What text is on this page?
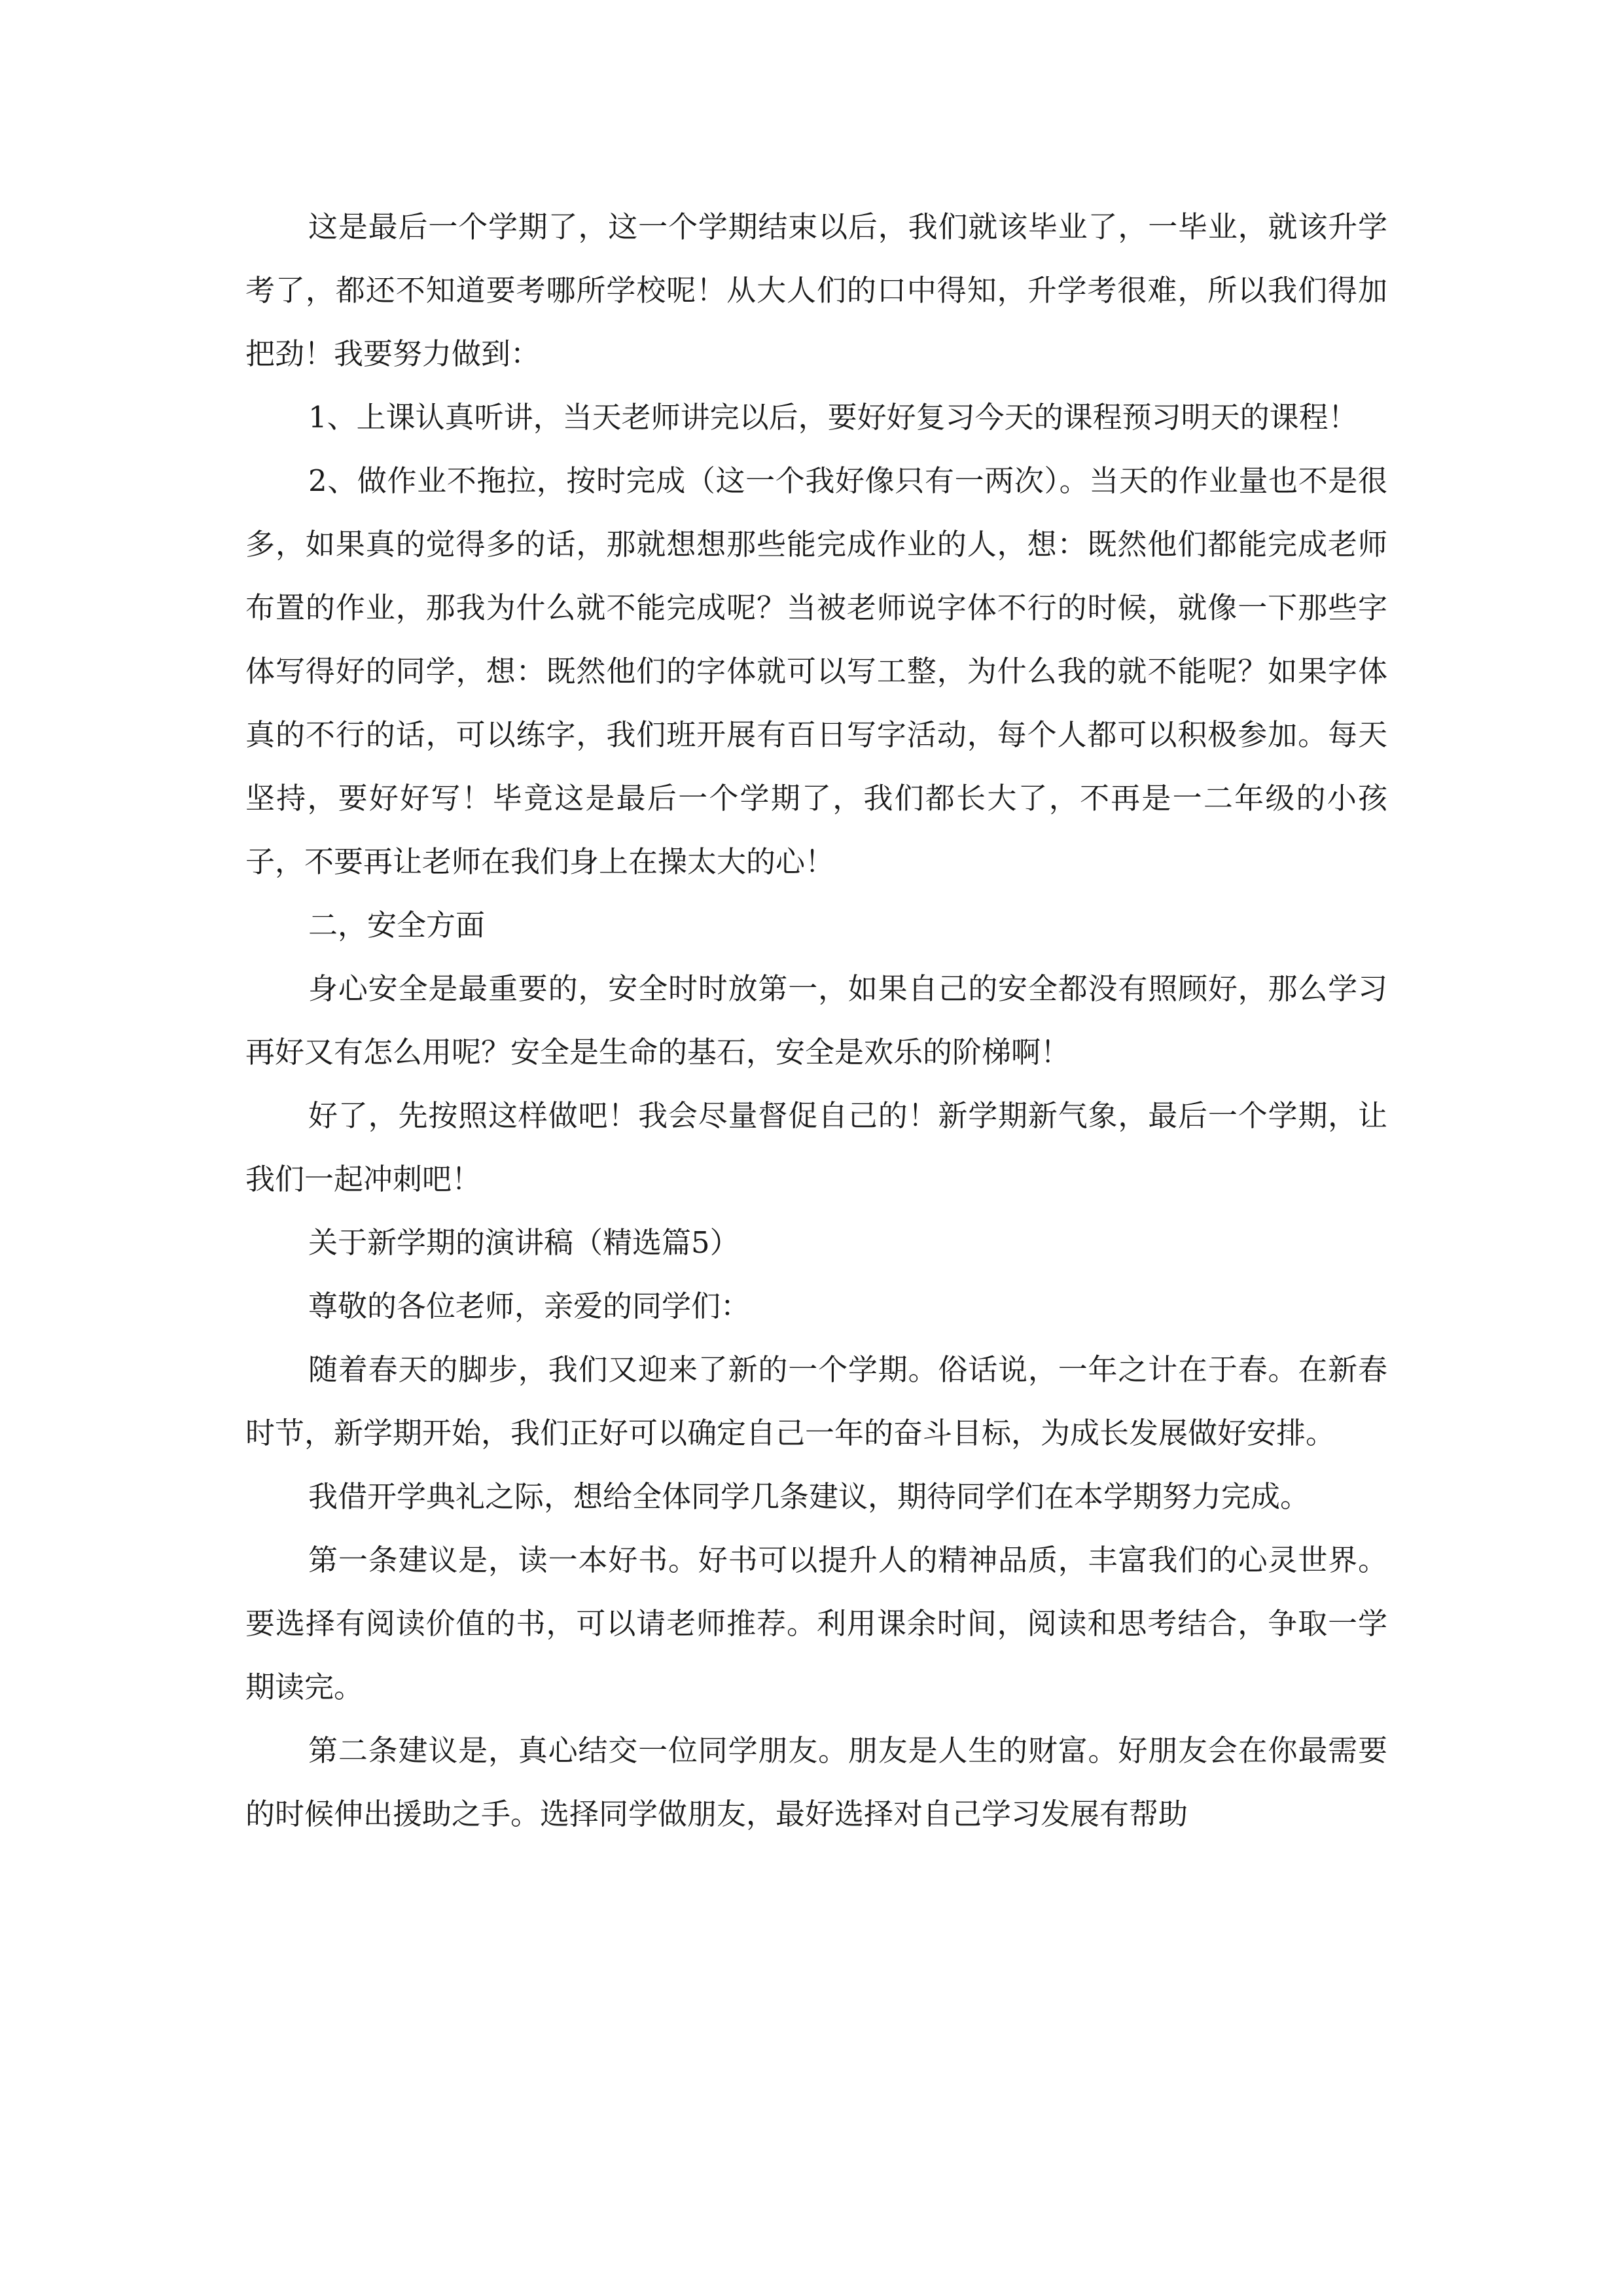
这是最后一个学期了，这一个学期结束以后，我们就该毕业了，一毕业，就该升学考了，都还不知道要考哪所学校呢！从大人们的口中得知，升学考很难，所以我们得加把劲！我要努力做到：

1、上课认真听讲，当天老师讲完以后，要好好复习今天的课程预习明天的课程！

2、做作业不拖拉，按时完成（这一个我好像只有一两次）。当天的作业量也不是很多，如果真的觉得多的话，那就想想那些能完成作业的人，想：既然他们都能完成老师布置的作业，那我为什么就不能完成呢？当被老师说字体不行的时候，就像一下那些字体写得好的同学，想：既然他们的字体就可以写工整，为什么我的就不能呢？如果字体真的不行的话，可以练字，我们班开展有百日写字活动，每个人都可以积极参加。每天坚持，要好好写！毕竟这是最后一个学期了，我们都长大了，不再是一二年级的小孩子，不要再让老师在我们身上在操太大的心！

二，安全方面

身心安全是最重要的，安全时时放第一，如果自己的安全都没有照顾好，那么学习再好又有怎么用呢？安全是生命的基石，安全是欢乐的阶梯啊！

好了，先按照这样做吧！我会尽量督促自己的！新学期新气象，最后一个学期，让我们一起冲刺吧！

关于新学期的演讲稿（精选篇5）

尊敬的各位老师，亲爱的同学们：

随着春天的脚步，我们又迎来了新的一个学期。俗话说，一年之计在于春。在新春时节，新学期开始，我们正好可以确定自己一年的奋斗目标，为成长发展做好安排。

我借开学典礼之际，想给全体同学几条建议，期待同学们在本学期努力完成。

第一条建议是，读一本好书。好书可以提升人的精神品质，丰富我们的心灵世界。要选择有阅读价值的书，可以请老师推荐。利用课余时间，阅读和思考结合，争取一学期读完。

第二条建议是，真心结交一位同学朋友。朋友是人生的财富。好朋友会在你最需要的时候伸出援助之手。选择同学做朋友，最好选择对自己学习发展有帮助
